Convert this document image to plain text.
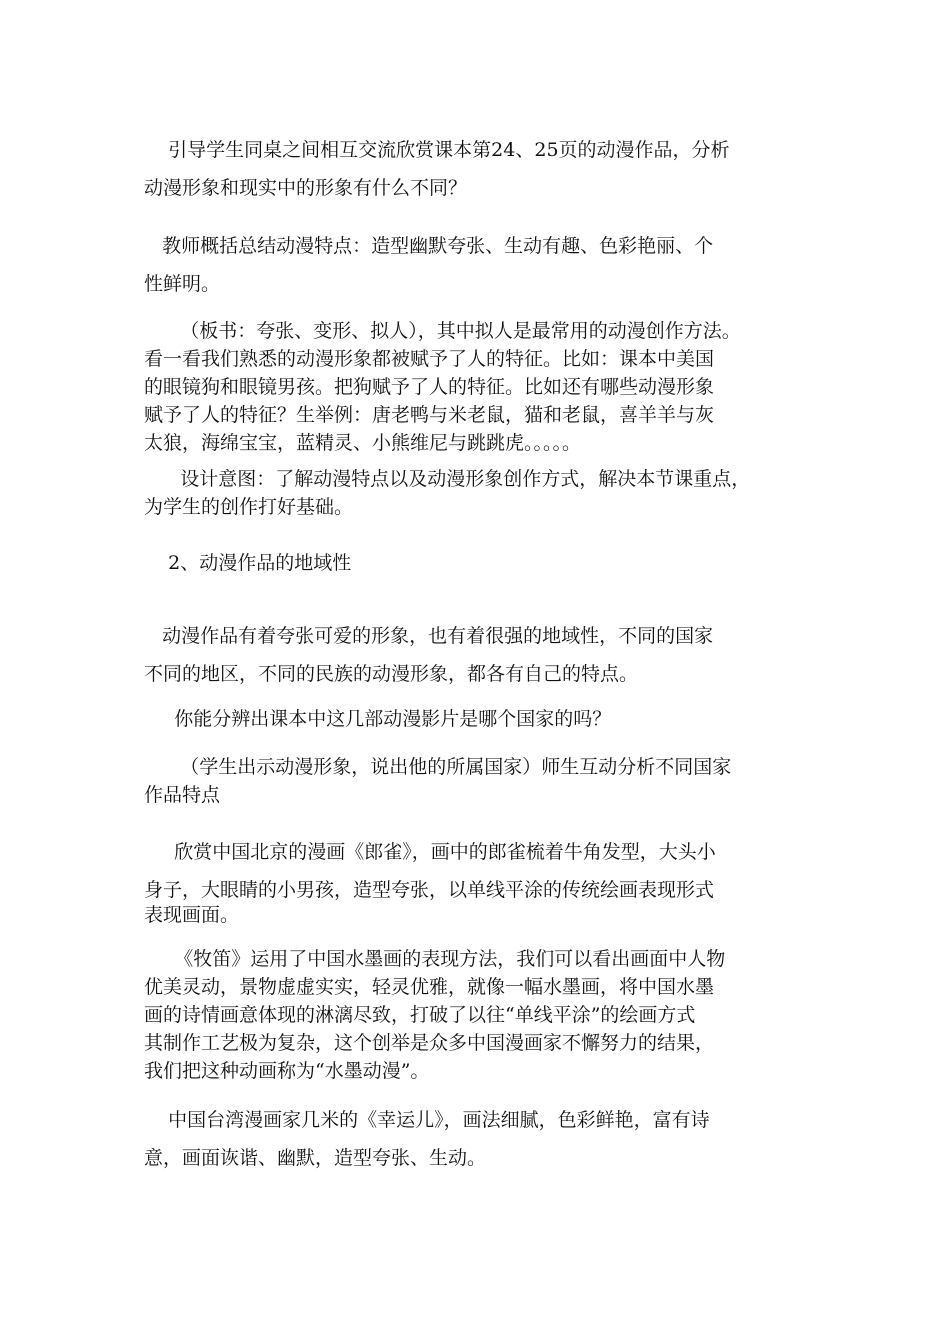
引导学生同桌之间相互交流欣赏课本第24、25页的动漫作品，分析
动漫形象和现实中的形象有什么不同？

教师概括总结动漫特点：造型幽默夸张、生动有趣、色彩艳丽、个
性鲜明。

（板书：夸张、变形、拟人），其中拟人是最常用的动漫创作方法。
看一看我们熟悉的动漫形象都被赋予了人的特征。比如：课本中美国
的眼镜狗和眼镜男孩。把狗赋予了人的特征。比如还有哪些动漫形象
赋予了人的特征？生举例：唐老鸭与米老鼠，猫和老鼠，喜羊羊与灰
太狼，海绵宝宝，蓝精灵、小熊维尼与跳跳虎。。。。。

设计意图：了解动漫特点以及动漫形象创作方式，解决本节课重点，
为学生的创作打好基础。

2、动漫作品的地域性

动漫作品有着夸张可爱的形象，也有着很强的地域性，不同的国家
不同的地区，不同的民族的动漫形象，都各有自己的特点。

你能分辨出课本中这几部动漫影片是哪个国家的吗？

（学生出示动漫形象，说出他的所属国家）师生互动分析不同国家
作品特点

欣赏中国北京的漫画《郎雀》，画中的郎雀梳着牛角发型，大头小
身子，大眼睛的小男孩，造型夸张，以单线平涂的传统绘画表现形式

表现画面。

《牧笛》运用了中国水墨画的表现方法，我们可以看出画面中人物
优美灵动，景物虚虚实实，轻灵优雅，就像一幅水墨画，将中国水墨
画的诗情画意体现的淋漓尽致，打破了以往“单线平涂”的绘画方式
其制作工艺极为复杂，这个创举是众多中国漫画家不懈努力的结果，
我们把这种动画称为“水墨动漫”。

中国台湾漫画家几米的《幸运儿》，画法细腻，色彩鲜艳，富有诗
意，画面诙谐、幽默，造型夸张、生动。
